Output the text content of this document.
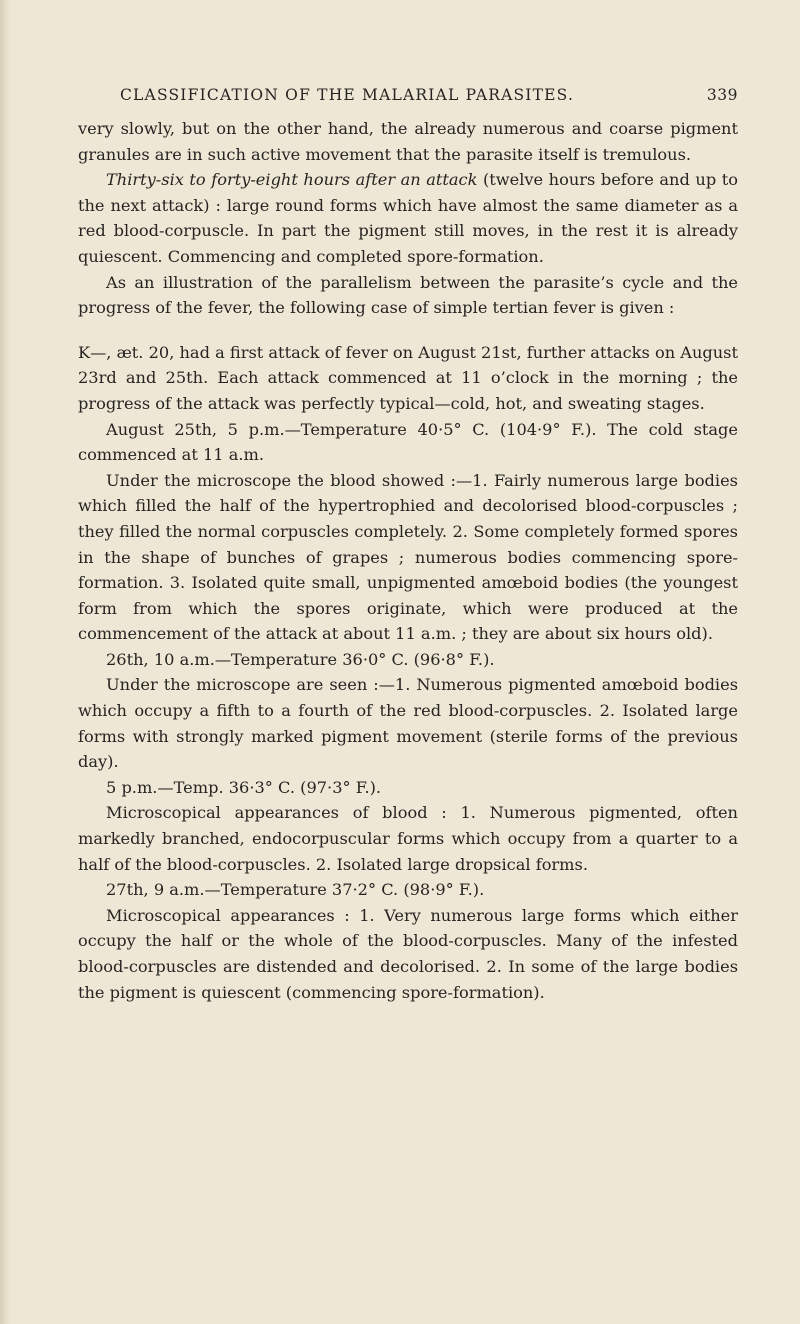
CLASSIFICATION OF THE MALARIAL PARASITES.	339

very slowly, but on the other hand, the already numerous and coarse pigment granules are in such active movement that the parasite itself is tremulous.

Thirty-six to forty-eight hours after an attack (twelve hours before and up to the next attack) : large round forms which have almost the same diameter as a red blood-corpuscle. In part the pigment still moves, in the rest it is already quiescent. Commencing and completed spore-formation.

As an illustration of the parallelism between the parasite’s cycle and the progress of the fever, the following case of simple tertian fever is given :

K—, æt. 20, had a first attack of fever on August 21st, further attacks on August 23rd and 25th. Each attack commenced at 11 o’clock in the morning ; the progress of the attack was perfectly typical—cold, hot, and sweating stages.

August 25th, 5 p.m.—Temperature 40·5° C. (104·9° F.). The cold stage commenced at 11 a.m.

Under the microscope the blood showed :—1. Fairly numerous large bodies which filled the half of the hypertrophied and decolorised blood-corpuscles ; they filled the normal corpuscles completely. 2. Some completely formed spores in the shape of bunches of grapes ; numerous bodies commencing spore-formation. 3. Isolated quite small, unpigmented amœboid bodies (the youngest form from which the spores originate, which were produced at the commencement of the attack at about 11 a.m. ; they are about six hours old).

26th, 10 a.m.—Temperature 36·0° C. (96·8° F.).

Under the microscope are seen :—1. Numerous pigmented amœboid bodies which occupy a fifth to a fourth of the red blood-corpuscles. 2. Isolated large forms with strongly marked pigment movement (sterile forms of the previous day).

5 p.m.—Temp. 36·3° C. (97·3° F.).

Microscopical appearances of blood : 1. Numerous pigmented, often markedly branched, endocorpuscular forms which occupy from a quarter to a half of the blood-corpuscles. 2. Isolated large dropsical forms.

27th, 9 a.m.—Temperature 37·2° C. (98·9° F.).

Microscopical appearances : 1. Very numerous large forms which either occupy the half or the whole of the blood-corpuscles. Many of the infested blood-corpuscles are distended and decolorised. 2. In some of the large bodies the pigment is quiescent (commencing spore-formation).
